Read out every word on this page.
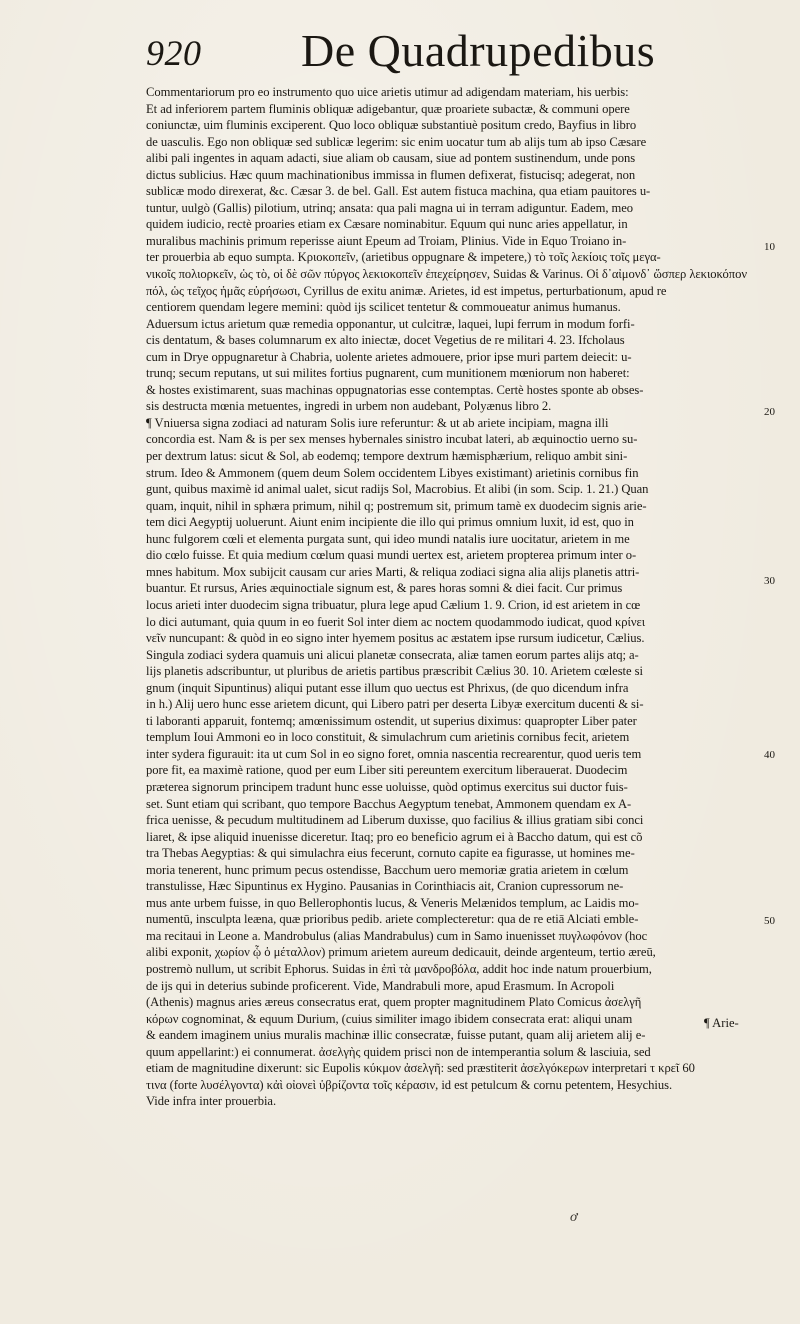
920 De Quadrupedibus
Commentariorum pro eo instrumento quo uice arietis utimur ad adigendam materiam, his uerbis:
Et ad inferiorem partem fluminis obliquæ adigebantur, quæ proariete subactæ, & communi opere
coniunctæ, uim fluminis exciperent. Quo loco obliquæ substantiuè positum credo, Bayfius in libro
de uasculis. Ego non obliquæ sed sublicæ legerim: sic enim uocatur tum ab alijs tum ab ipso Cæsare
alibi pali ingentes in aquam adacti, siue aliam ob causam, siue ad pontem sustinendum, unde pons
dictus sublicius. Hæc quum machinationibus immissa in flumen defixerat, fistucisq; adegerat, non
sublicæ modo direxerat, &c. Cæsar 3. de bel. Gall. Est autem fistuca machina, qua etiam pauitores u-
tuntur, uulgò (Gallis) pilotium, utrinq; ansata: qua pali magna ui in terram adiguntur. Eadem, meo
quidem iudicio, rectè proaries etiam ex Cæsare nominabitur. Equum qui nunc aries appellatur, in
muralibus machinis primum reperisse aiunt Epeum ad Troiam, Plinius. Vide in Equo Troiano in-
ter prouerbia ab equo sumpta. Κριοκοπεῖν, (arietibus oppugnare & impetere,) τὸ τοῖς λεκίοις τοῖς μεγα-
νικοῖς πολιορκεῖν, ὡς τὸ, οἱ δὲ σῶν πύργος λεκιοκοπεῖν ἐπεχείρησεν, Suidas & Varinus. Οἱ δ᾽αἰμονδ᾽ ὥσπερ λεκιοκόπον
πόλ, ὡς τεῖχος ἡμᾶς εὐρήσωσι, Cyrillus de exitu animæ. Arietes, id est impetus, perturbationum, apud re
centiorem quendam legere memini: quòd ijs scilicet tentetur & commoueatur animus humanus.
Aduersum ictus arietum quæ remedia opponantur, ut culcitræ, laquei, lupi ferrum in modum forfi-
cis dentatum, & bases columnarum ex alto iniectæ, docet Vegetius de re militari 4. 23. Ifcholaus
cum in Drye oppugnaretur à Chabria, uolente arietes admouere, prior ipse muri partem deiecit: u-
trunq; secum reputans, ut sui milites fortius pugnarent, cum munitionem mœniorum non haberet:
& hostes existimarent, suas machinas oppugnatorias esse contemptas. Certè hostes sponte ab obses-
sis destructa mœnia metuentes, ingredi in urbem non audebant, Polyænus libro 2.
¶ Vniuersa signa zodiaci ad naturam Solis iure referuntur: & ut ab ariete incipiam, magna illi
concordia est. Nam & is per sex menses hybernales sinistro incubat lateri, ab æquinoctio uerno su-
per dextrum latus: sicut & Sol, ab eodemq; tempore dextrum hæmisphærium, reliquo ambit sini-
strum. Ideo & Ammonem (quem deum Solem occidentem Libyes existimant) arietinis cornibus fin
gunt, quibus maximè id animal ualet, sicut radijs Sol, Macrobius. Et alibi (in som. Scip. 1. 21.) Quan
quam, inquit, nihil in sphæra primum, nihil q; postremum sit, primum tamè ex duodecim signis arie-
tem dici Aegyptij uoluerunt. Aiunt enim incipiente die illo qui primus omnium luxit, id est, quo in
hunc fulgorem cœli et elementa purgata sunt, qui ideo mundi natalis iure uocitatur, arietem in me
dio cœlo fuisse. Et quia medium cœlum quasi mundi uertex est, arietem propterea primum inter o-
mnes habitum. Mox subijcit causam cur aries Marti, & reliqua zodiaci signa alia alijs planetis attri-
buantur. Et rursus, Aries æquinoctiale signum est, & pares horas somni & diei facit. Cur primus
locus arieti inter duodecim signa tribuatur, plura lege apud Cælium 1. 9. Crion, id est arietem in cœ
lo dici autumant, quia quum in eo fuerit Sol inter diem ac noctem quodammodo iudicat, quod κρίνει
νεῖν nuncupant: & quòd in eo signo inter hyemem positus ac æstatem ipse rursum iudicetur, Cælius.
Singula zodiaci sydera quamuis uni alicui planetæ consecrata, aliæ tamen eorum partes alijs atq; a-
lijs planetis adscribuntur, ut pluribus de arietis partibus præscribit Cælius 30. 10. Arietem cœleste si
gnum (inquit Sipuntinus) aliqui putant esse illum quo uectus est Phrixus, (de quo dicendum infra
in h.) Alij uero hunc esse arietem dicunt, qui Libero patri per deserta Libyæ exercitum ducenti & si-
ti laboranti apparuit, fontemq; amœnissimum ostendit, ut superius diximus: quapropter Liber pater
templum Ioui Ammoni eo in loco constituit, & simulachrum cum arietinis cornibus fecit, arietem
inter sydera figurauit: ita ut cum Sol in eo signo foret, omnia nascentia recrearentur, quod ueris tem
pore fit, ea maximè ratione, quod per eum Liber siti pereuntem exercitum liberauerat. Duodecim
præterea signorum principem tradunt hunc esse uoluisse, quòd optimus exercitus sui ductor fuis-
set. Sunt etiam qui scribant, quo tempore Bacchus Aegyptum tenebat, Ammonem quendam ex A-
frica uenisse, & pecudum multitudinem ad Liberum duxisse, quo facilius & illius gratiam sibi conci
liaret, & ipse aliquid inuenisse diceretur. Itaq; pro eo beneficio agrum ei à Baccho datum, qui est cõ
tra Thebas Aegyptias: & qui simulachra eius fecerunt, cornuto capite ea figurasse, ut homines me-
moria tenerent, hunc primum pecus ostendisse, Bacchum uero memoriæ gratia arietem in cœlum
transtulisse, Hæc Sipuntinus ex Hygino. Pausanias in Corinthiacis ait, Cranion cupressorum ne-
mus ante urbem fuisse, in quo Bellerophontis lucus, & Veneris Melænidos templum, ac Laidis mo-
numentū, insculpta leæna, quæ prioribus pedib. ariete complecteretur: qua de re etiā Alciati emble-
ma recitaui in Leone a. Mandrobulus (alias Mandrabulus) cum in Samo inuenisset πυγλωφόνον (hoc
alibi exponit, χωρίον ᾧ ὁ μέταλλον) primum arietem aureum dedicauit, deinde argenteum, tertio æreū,
postremò nullum, ut scribit Ephorus. Suidas in ἐπὶ τὰ μανδροβόλα, addit hoc inde natum prouerbium,
de ijs qui in deterius subinde proficerent. Vide, Mandrabuli more, apud Erasmum. In Acropoli
(Athenis) magnus aries æreus consecratus erat, quem propter magnitudinem Plato Comicus ἀσελγῆ
κόρων cognominat, & equum Durium, (cuius similiter imago ibidem consecrata erat: aliqui unam
& eandem imaginem unius muralis machinæ illic consecratæ, fuisse putant, quam alij arietem alij e-
quum appellarint:) ei connumerat. ἀσελγὴς quidem prisci non de intemperantia solum & lasciuia, sed
etiam de magnitudine dixerunt: sic Eupolis κύκμον ἀσελγῆ: sed præstiterit ἀσελγόκερων interpretari τ κρεῖ 60
τινα (forte λυσέλγοντα) κἀὶ οἰονεὶ ὑβρίζοντα τοῖς κέρασιν, id est petulcum & cornu petentem, Hesychius.
Vide infra inter prouerbia.
10
20
30
40
50
¶ Arie-
ơ
